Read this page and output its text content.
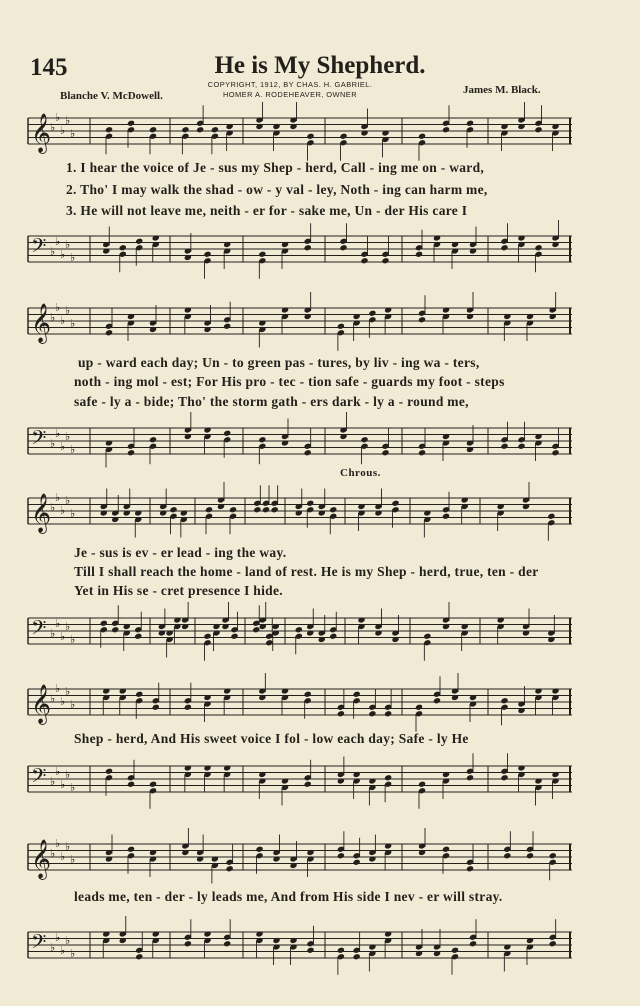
145	He is My Shepherd.
COPYRIGHT, 1912, BY CHAS. H. GABRIEL.
HOMER A. RODEHEAVER, OWNER
Blanche V. McDowell.	James M. Black.
Chrous.
𝄞
♭
♭
♭
♭
♭
𝄢 ♭
♭
♭
♭
♭
𝄞
♭
♭
♭
♭
♭
𝄢 ♭
♭
♭
♭
♭
𝄞
♭
♭
♭
♭
♭
𝄢 ♭
♭
♭
♭
♭
𝄞
♭
♭
♭
♭
♭
𝄢 ♭
♭
♭
♭
♭
𝄞
♭
♭
♭
♭
♭
𝄢 ♭
♭
♭
♭
♭
1. I hear the voice of Je - sus my Shep - herd, Call - ing me on - ward,
2. Tho' I may walk the shad - ow - y val - ley, Noth - ing can harm me,
3. He will not leave me, neith - er for - sake me, Un - der His care I
up - ward each day; Un - to green pas - tures, by liv - ing wa - ters,
noth - ing mol - est; For His pro - tec - tion safe - guards my foot - steps
safe - ly a - bide; Tho' the storm gath - ers dark - ly a - round me,
Je - sus is ev - er lead - ing the way.
Till I shall reach the home - land of rest. He is my Shep - herd, true, ten - der
Yet in His se - cret presence I hide.
Shep - herd, And His sweet voice I fol - low each day; Safe - ly He
leads me, ten - der - ly leads me, And from His side I nev - er will stray.
